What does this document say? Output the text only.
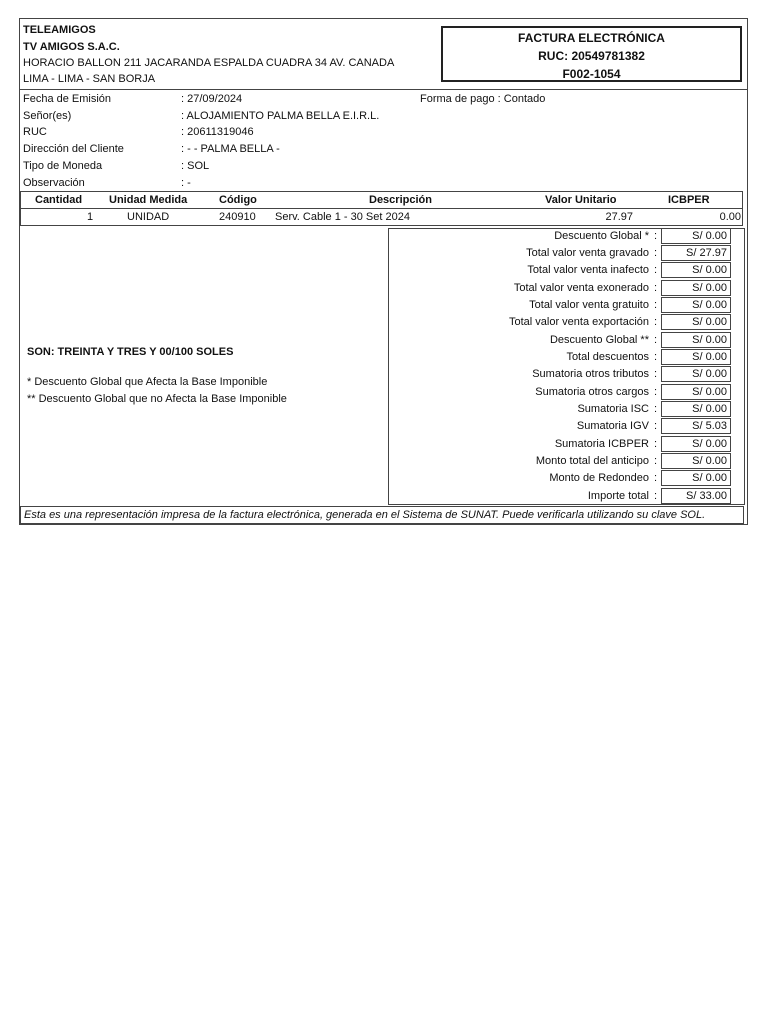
TELEAMIGOS
TV AMIGOS S.A.C.
HORACIO BALLON 211 JACARANDA ESPALDA CUADRA 34 AV. CANADA
LIMA - LIMA - SAN BORJA
FACTURA ELECTRÓNICA
RUC: 20549781382
F002-1054
Fecha de Emisión	: 27/09/2024
Señor(es)	: ALOJAMIENTO PALMA BELLA E.I.R.L.
RUC	: 20611319046
Dirección del Cliente	: - - PALMA BELLA -
Tipo de Moneda	: SOL
Observación	: -
Forma de pago : Contado
Cantidad Unidad Medida	Código	Descripción	Valor Unitario	ICBPER
1	UNIDAD	240910 Serv. Cable 1 - 30 Set 2024	27.97	0.00
SON: TREINTA Y TRES Y 00/100 SOLES
* Descuento Global que Afecta la Base Imponible
** Descuento Global que no Afecta la Base Imponible
Descuento Global * :	S/ 0.00
Total valor venta gravado :	S/ 27.97
Total valor venta inafecto :	S/ 0.00
Total valor venta exonerado :	S/ 0.00
Total valor venta gratuito :	S/ 0.00
Total valor venta exportación :	S/ 0.00
Descuento Global ** :	S/ 0.00
Total descuentos :	S/ 0.00
Sumatoria otros tributos :	S/ 0.00
Sumatoria otros cargos :	S/ 0.00
Sumatoria ISC :	S/ 0.00
Sumatoria IGV :	S/ 5.03
Sumatoria ICBPER :	S/ 0.00
Monto total del anticipo :	S/ 0.00
Monto de Redondeo :	S/ 0.00
Importe total :	S/ 33.00
Esta es una representación impresa de la factura electrónica, generada en el Sistema de SUNAT. Puede verificarla utilizando su clave SOL.
